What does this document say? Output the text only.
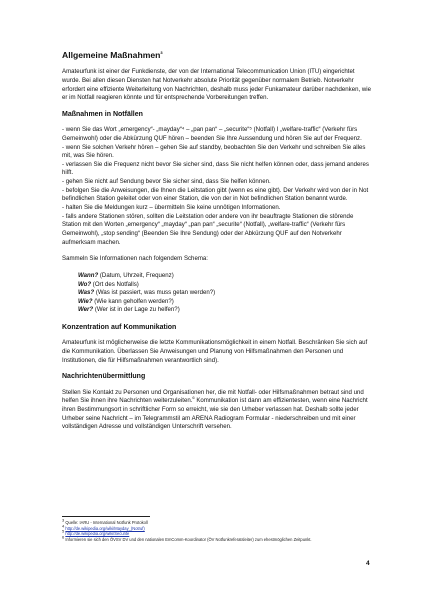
Allgemeine Maßnahmen$^3$

Amateurfunk ist einer der Funkdienste, der von der International Telecommunication Union (ITU) eingerichtet wurde. Bei allen diesen Diensten hat Notverkehr absolute Priorität gegenüber normalem Betrieb. Notverkehr erfordert eine effiziente Weiterleitung von Nachrichten, deshalb muss jeder Funkamateur darüber nachdenken, wie er im Notfall reagieren könnte und für entsprechende Vorbereitungen treffen.

Maßnahmen in Notfällen
- wenn Sie das Wort „emergency“- „mayday“⁴ – „pan pan“ – „securite“⁵ (Notfall) I „welfare-traffic“ (Verkehr fürs Gemeinwohl) oder die Abkürzung QUF hören – beenden Sie Ihre Aussendung und hören Sie auf der Frequenz.
- wenn Sie solchen Verkehr hören – gehen Sie auf standby, beobachten Sie den Verkehr und schreiben Sie alles mit, was Sie hören.
- verlassen Sie die Frequenz nicht bevor Sie sicher sind, dass Sie nicht helfen können oder, dass jemand anderes hilft.
- gehen Sie nicht auf Sendung bevor Sie sicher sind, dass Sie helfen können.
- befolgen Sie die Anweisungen, die Ihnen die Leitstation gibt (wenn es eine gibt). Der Verkehr wird von der in Not befindlichen Station geleitet oder von einer Station, die von der in Not befindlichen Station benannt wurde.
- halten Sie die Meldungen kurz – übermitteln Sie keine unnötigen Informationen.
- falls andere Stationen stören, sollten die Leitstation oder andere von ihr beauftragte Stationen die störende Station mit den Worten „emergency“ „mayday“ „pan pan“ „securite“ (Notfall), „welfare-traffic“ (Verkehr fürs Gemeinwohl), „stop sending“ (Beenden Sie Ihre Sendung) oder der Abkürzung QUF auf den Notverkehr aufmerksam machen.

Sammeln Sie Informationen nach folgendem Schema:

Wann? (Datum, Uhrzeit, Frequenz)
Wo? (Ort des Notfalls)
Was? (Was ist passiert, was muss getan werden?)
Wie? (Wie kann geholfen werden?)
Wer? (Wer ist in der Lage zu helfen?)
Konzentration auf Kommunikation

Amateurfunk ist möglicherweise die letzte Kommunikationsmöglichkeit in einem Notfall. Beschränken Sie sich auf die Kommunikation. Überlassen Sie Anweisungen und Planung von Hilfsmaßnahmen den Personen und Institutionen, die für Hilfsmaßnahmen verantwortlich sind).

Nachrichtenübermittlung

Stellen Sie Kontakt zu Personen und Organisationen her, die mit Notfall- oder Hilfsmaßnahmen betraut sind und helfen Sie ihnen ihre Nachrichten weiterzuleiten.$^6$ Kommunikation ist dann am effizientesten, wenn eine Nachricht ihren Bestimmungsort in schriftlicher Form so erreicht, wie sie den Urheber verlassen hat. Deshalb sollte jeder Urheber seine Nachricht – im Telegrammstil am ARENA Radiogram Formular - niederschreiben und mit einer vollständigen Adresse und vollständigen Unterschrift versehen.

$^3$ Quelle: IARU - International Notfunk Protokoll
$^4$ http://de.wikipedia.org/wiki/Mayday_(Notruf)
$^5$ http://de.wikipedia.org/wiki/Securite
$^6$ Informieren sie sich den ÖVSV DV und den nationalen EmComm-Koordinator (ÖV Notfunkreferatsleiter) zum ehestmöglichen Zeitpunkt.
4
